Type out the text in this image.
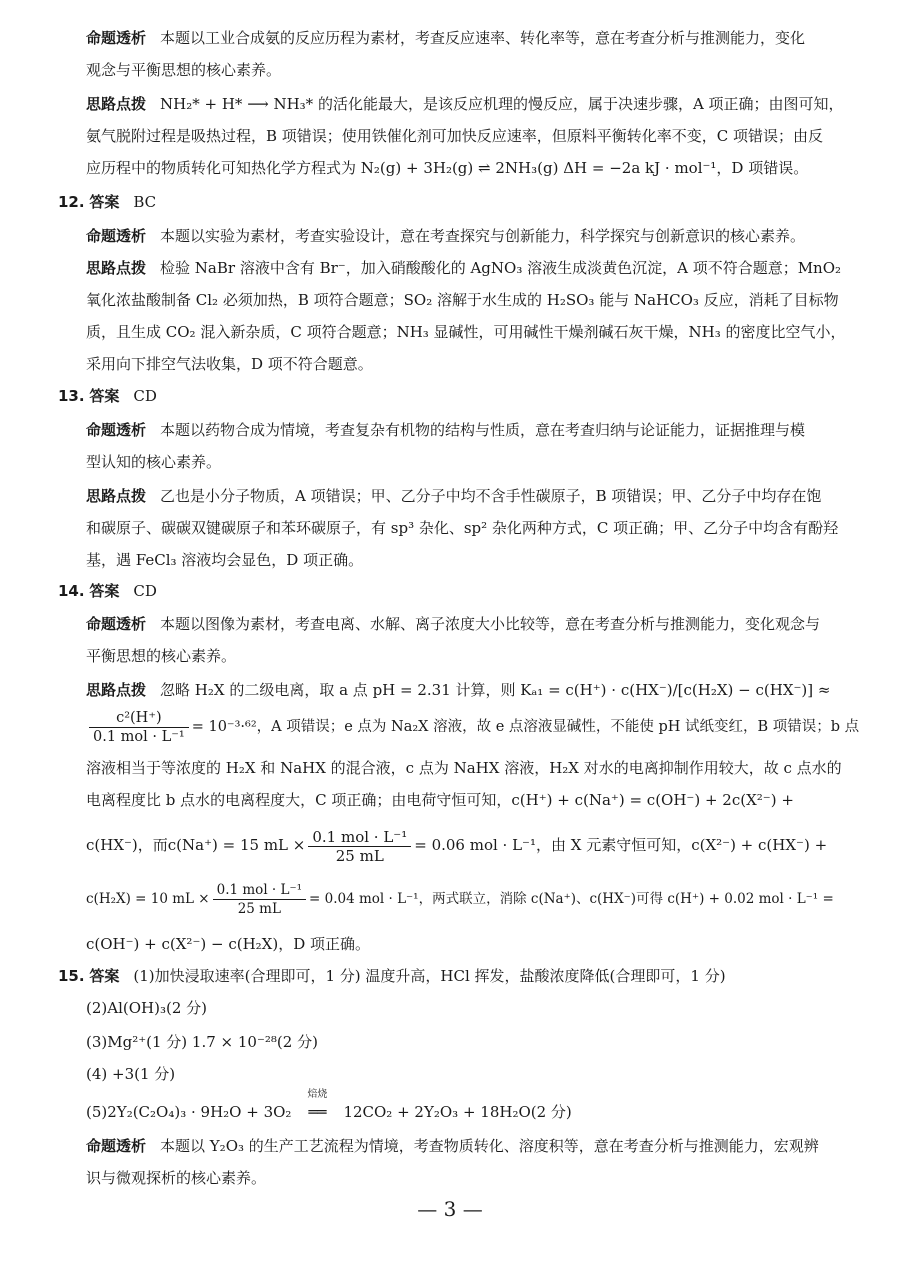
命题透析 本题以工业合成氨的反应历程为素材，考查反应速率、转化率等，意在考查分析与推测能力，变化
观念与平衡思想的核心素养。
思路点拨 NH₂* + H* ⟶ NH₃* 的活化能最大，是该反应机理的慢反应，属于决速步骤，A 项正确；由图可知，
氨气脱附过程是吸热过程，B 项错误；使用铁催化剂可加快反应速率，但原料平衡转化率不变，C 项错误；由反
应历程中的物质转化可知热化学方程式为 N₂(g) + 3H₂(g) ⇌ 2NH₃(g) ΔH = −2a kJ · mol⁻¹，D 项错误。
12. 答案 BC
命题透析 本题以实验为素材，考查实验设计，意在考查探究与创新能力，科学探究与创新意识的核心素养。
思路点拨 检验 NaBr 溶液中含有 Br⁻，加入硝酸酸化的 AgNO₃ 溶液生成淡黄色沉淀，A 项不符合题意；MnO₂
氧化浓盐酸制备 Cl₂ 必须加热，B 项符合题意；SO₂ 溶解于水生成的 H₂SO₃ 能与 NaHCO₃ 反应，消耗了目标物
质，且生成 CO₂ 混入新杂质，C 项符合题意；NH₃ 显碱性，可用碱性干燥剂碱石灰干燥，NH₃ 的密度比空气小，
采用向下排空气法收集，D 项不符合题意。
13. 答案 CD
命题透析 本题以药物合成为情境，考查复杂有机物的结构与性质，意在考查归纳与论证能力，证据推理与模
型认知的核心素养。
思路点拨 乙也是小分子物质，A 项错误；甲、乙分子中均不含手性碳原子，B 项错误；甲、乙分子中均存在饱
和碳原子、碳碳双键碳原子和苯环碳原子，有 sp³ 杂化、sp² 杂化两种方式，C 项正确；甲、乙分子中均含有酚羟
基，遇 FeCl₃ 溶液均会显色，D 项正确。
14. 答案 CD
命题透析 本题以图像为素材，考查电离、水解、离子浓度大小比较等，意在考查分析与推测能力，变化观念与
平衡思想的核心素养。
思路点拨 忽略 H₂X 的二级电离，取 a 点 pH = 2.31 计算，则 Kₐ₁ = c(H⁺) · c(HX⁻)/[c(H₂X) − c(HX⁻)] ≈
$\frac{\text{c²(H⁺)}}{\text{0.1 mol · L⁻¹}} = 10^{-3}\cdot^{62}$，A 项错误；e 点为 Na₂X 溶液，故 e 点溶液显碱性，不能使 pH 试纸变红，B 项错误；b 点
溶液相当于等浓度的 H₂X 和 NaHX 的混合液，c 点为 NaHX 溶液，H₂X 对水的电离抑制作用较大，故 c 点水的
电离程度比 b 点水的电离程度大，C 项正确；由电荷守恒可知，c(H⁺) + c(Na⁺) = c(OH⁻) + 2c(X²⁻) +
c(HX⁻)，而c(Na⁺) = 15 mL × $\frac{\text{0.1 mol · L⁻¹}}{25 mL} = 0.06$ mol · L⁻¹，由 X 元素守恒可知，c(X²⁻) + c(HX⁻) +
c(H₂X) = 10 mL × $\frac{\text{0.1 mol · L⁻¹}}{25 mL} = 0.04$ mol · L⁻¹，两式联立，消除 c(Na⁺)、c(HX⁻)可得 c(H⁺) + 0.02 mol · L⁻¹ =
c(OH⁻) + c(X²⁻) − c(H₂X)，D 项正确。
15. 答案 (1)加快浸取速率(合理即可，1 分) 温度升高，HCl 挥发，盐酸浓度降低(合理即可，1 分)
(2)Al(OH)₃(2 分)
(3)Mg²⁺(1 分) 1.7 × 10⁻²⁸(2 分)
(4) +3(1 分)
(5)2Y₂(C₂O₄)₃ · 9H₂O + 3O₂
焙烧
══ 12CO₂ + 2Y₂O₃ + 18H₂O(2 分)
命题透析 本题以 Y₂O₃ 的生产工艺流程为情境，考查物质转化、溶度积等，意在考查分析与推测能力，宏观辨
识与微观探析的核心素养。
— 3 —
